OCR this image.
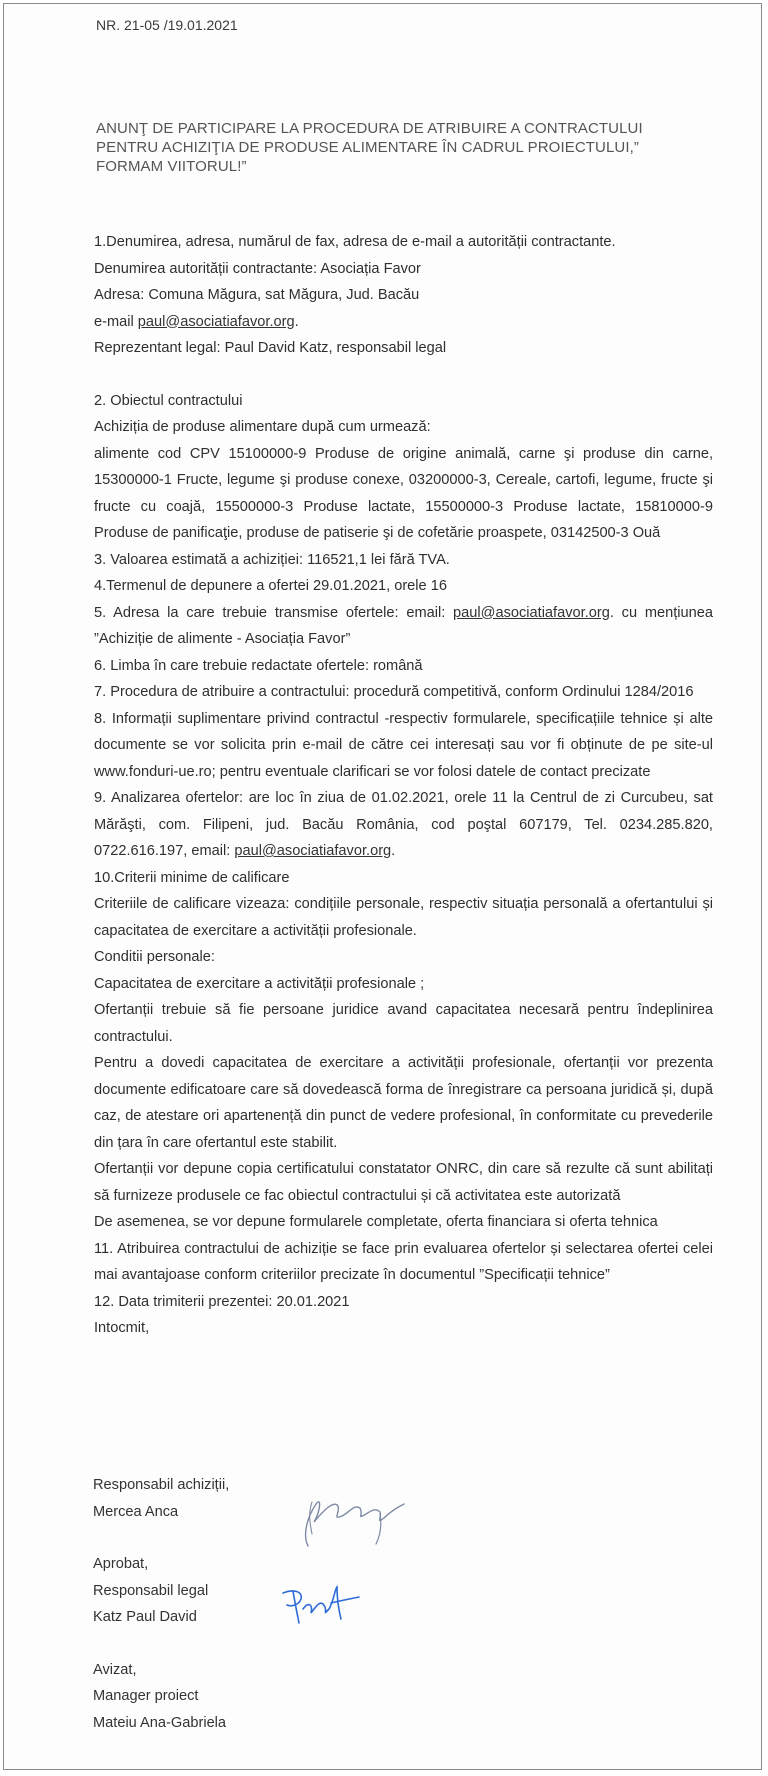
NR. 21-05 /19.01.2021
ANUNŢ DE PARTICIPARE LA PROCEDURA DE ATRIBUIRE A CONTRACTULUI PENTRU ACHIZIŢIA DE PRODUSE ALIMENTARE ÎN CADRUL PROIECTULUI,” FORMAM VIITORUL!”

1.Denumirea, adresa, numărul de fax, adresa de e-mail a autorității contractante.

Denumirea autorității contractante: Asociația Favor

Adresa: Comuna Măgura, sat Măgura, Jud. Bacău

e-mail paul@asociatiafavor.org.

Reprezentant legal: Paul David Katz, responsabil legal

2. Obiectul contractului

Achiziția de produse alimentare după cum urmează:

alimente cod CPV 15100000-9 Produse de origine animală, carne şi produse din carne, 15300000-1 Fructe, legume şi produse conexe, 03200000-3, Cereale, cartofi, legume, fructe şi fructe cu coajă, 15500000-3 Produse lactate, 15500000-3 Produse lactate, 15810000-9 Produse de panificaţie, produse de patiserie şi de cofetărie proaspete, 03142500-3 Ouă

3. Valoarea estimată a achiziției: 116521,1 lei fără TVA.

4.Termenul de depunere a ofertei 29.01.2021, orele 16

5. Adresa la care trebuie transmise ofertele: email: paul@asociatiafavor.org. cu mențiunea ”Achiziție de alimente - Asociația Favor”

6. Limba în care trebuie redactate ofertele: română

7. Procedura de atribuire a contractului: procedură competitivă, conform Ordinului 1284/2016

8. Informații suplimentare privind contractul -respectiv formularele, specificațiile tehnice și alte documente se vor solicita prin e-mail de către cei interesați sau vor fi obținute de pe site-ul www.fonduri-ue.ro; pentru eventuale clarificari se vor folosi datele de contact precizate

9. Analizarea ofertelor: are loc în ziua de 01.02.2021, orele 11 la Centrul de zi Curcubeu, sat Mărăşti, com. Filipeni, jud. Bacău România, cod poştal 607179, Tel. 0234.285.820, 0722.616.197, email: paul@asociatiafavor.org.

10.Criterii minime de calificare

Criteriile de calificare vizeaza: condițiile personale, respectiv situația personală a ofertantului și capacitatea de exercitare a activității profesionale.

Conditii personale:

Capacitatea de exercitare a activității profesionale ;

Ofertanții trebuie să fie persoane juridice avand capacitatea necesară pentru îndeplinirea contractului.

Pentru a dovedi capacitatea de exercitare a activității profesionale, ofertanții vor prezenta documente edificatoare care să dovedească forma de înregistrare ca persoana juridică și, după caz, de atestare ori apartenență din punct de vedere profesional, în conformitate cu prevederile din țara în care ofertantul este stabilit.

Ofertanții vor depune copia certificatului constatator ONRC, din care să rezulte că sunt abilitați să furnizeze produsele ce fac obiectul contractului și că activitatea este autorizată

De asemenea, se vor depune formularele completate, oferta financiara si oferta tehnica

11. Atribuirea contractului de achiziție se face prin evaluarea ofertelor și selectarea ofertei celei mai avantajoase conform criteriilor precizate în documentul ”Specificații tehnice”

12. Data trimiterii prezentei: 20.01.2021

Intocmit,

Responsabil achiziții,

Mercea Anca

Aprobat,

Responsabil legal

Katz Paul David

Avizat,

Manager proiect

Mateiu Ana-Gabriela
